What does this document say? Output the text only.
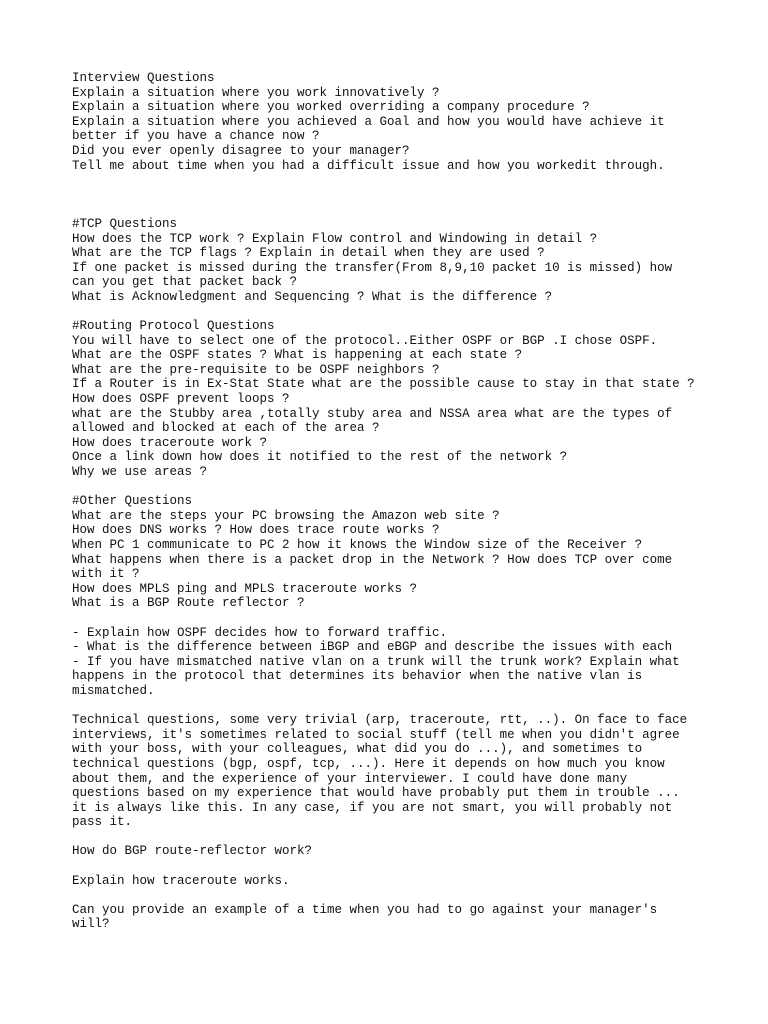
Interview Questions
Explain a situation where you work innovatively ?
Explain a situation where you worked overriding a company procedure ?
Explain a situation where you achieved a Goal and how you would have achieve it
better if you have a chance now ?
Did you ever openly disagree to your manager?
Tell me about time when you had a difficult issue and how you workedit through.
#TCP Questions
How does the TCP work ? Explain Flow control and Windowing in detail ?
What are the TCP flags ? Explain in detail when they are used ?
If one packet is missed during the transfer(From 8,9,10 packet 10 is missed) how
can you get that packet back ?
What is Acknowledgment and Sequencing ? What is the difference ?
#Routing Protocol Questions
You will have to select one of the protocol..Either OSPF or BGP .I chose OSPF.
What are the OSPF states ? What is happening at each state ?
What are the pre-requisite to be OSPF neighbors ?
If a Router is in Ex-Stat State what are the possible cause to stay in that state ?
How does OSPF prevent loops ?
what are the Stubby area ,totally stuby area and NSSA area what are the types of
allowed and blocked at each of the area ?
How does traceroute work ?
Once a link down how does it notified to the rest of the network ?
Why we use areas ?
#Other Questions
What are the steps your PC browsing the Amazon web site ?
How does DNS works ? How does trace route works ?
When PC 1 communicate to PC 2 how it knows the Window size of the Receiver ?
What happens when there is a packet drop in the Network ? How does TCP over come
with it ?
How does MPLS ping and MPLS traceroute works ?
What is a BGP Route reflector ?
- Explain how OSPF decides how to forward traffic.
- What is the difference between iBGP and eBGP and describe the issues with each
- If you have mismatched native vlan on a trunk will the trunk work? Explain what
happens in the protocol that determines its behavior when the native vlan is
mismatched.
Technical questions, some very trivial (arp, traceroute, rtt, ..). On face to face
interviews, it's sometimes related to social stuff (tell me when you didn't agree
with your boss, with your colleagues, what did you do ...), and sometimes to
technical questions (bgp, ospf, tcp, ...). Here it depends on how much you know
about them, and the experience of your interviewer. I could have done many
questions based on my experience that would have probably put them in trouble ...
it is always like this. In any case, if you are not smart, you will probably not
pass it.
How do BGP route-reflector work?
Explain how traceroute works.
Can you provide an example of a time when you had to go against your manager's
will?
